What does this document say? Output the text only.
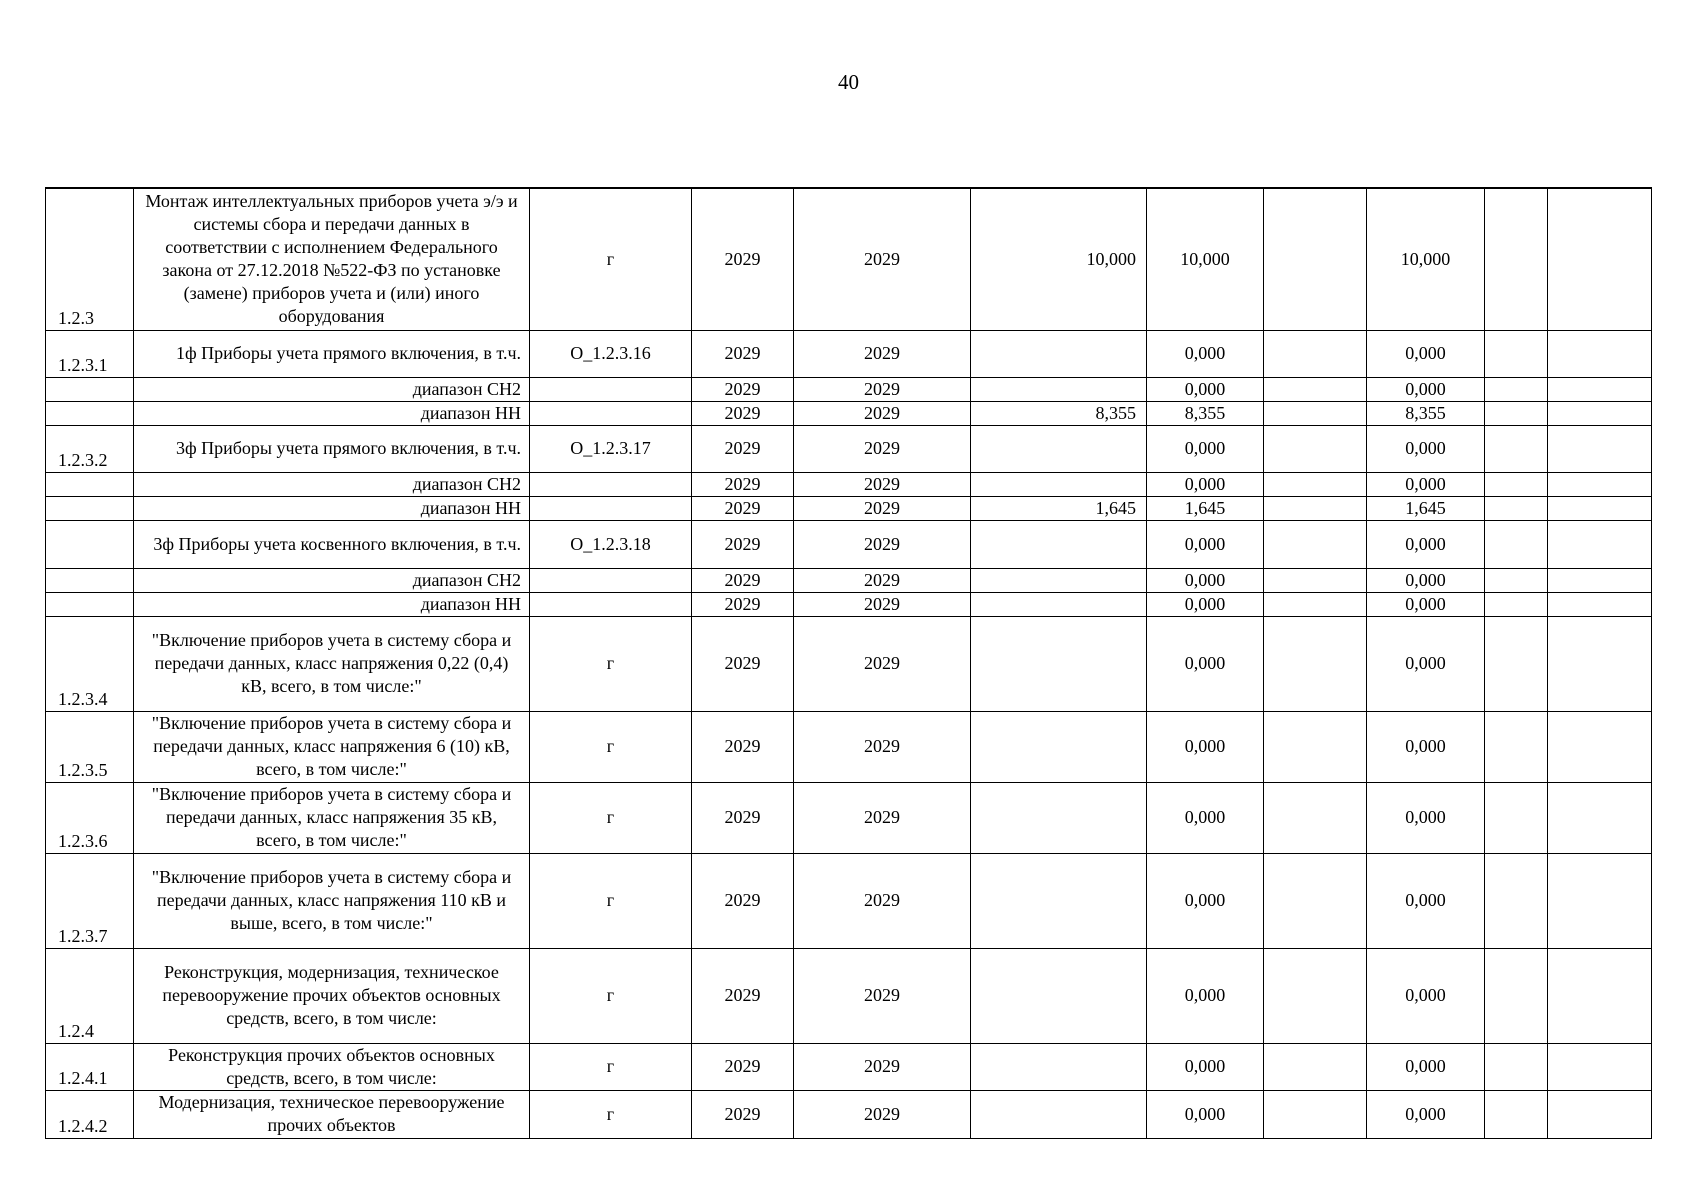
40
1.2.3	Монтаж интеллектуальных приборов учета э/э и системы сбора и передачи данных в соответствии с исполнением Федерального закона от 27.12.2018 №522-ФЗ по установке (замене) приборов учета и (или) иного оборудования	г	2029	2029	10,000	10,000		10,000		
1.2.3.1	1ф Приборы учета прямого включения, в т.ч.	O_1.2.3.16	2029	2029		0,000		0,000		
	диапазон СН2		2029	2029		0,000		0,000		
	диапазон НН		2029	2029	8,355	8,355		8,355		
1.2.3.2	3ф Приборы учета прямого включения, в т.ч.	O_1.2.3.17	2029	2029		0,000		0,000		
	диапазон СН2		2029	2029		0,000		0,000		
	диапазон НН		2029	2029	1,645	1,645		1,645		
	3ф Приборы учета косвенного включения, в т.ч.	O_1.2.3.18	2029	2029		0,000		0,000		
	диапазон СН2		2029	2029		0,000		0,000		
	диапазон НН		2029	2029		0,000		0,000		
1.2.3.4	"Включение приборов учета в систему сбора и передачи данных, класс напряжения 0,22 (0,4) кВ, всего, в том числе:"	г	2029	2029		0,000		0,000		
1.2.3.5	"Включение приборов учета в систему сбора и передачи данных, класс напряжения 6 (10) кВ, всего, в том числе:"	г	2029	2029		0,000		0,000		
1.2.3.6	"Включение приборов учета в систему сбора и передачи данных, класс напряжения 35 кВ, всего, в том числе:"	г	2029	2029		0,000		0,000		
1.2.3.7	"Включение приборов учета в систему сбора и передачи данных, класс напряжения 110 кВ и выше, всего, в том числе:"	г	2029	2029		0,000		0,000		
1.2.4	Реконструкция, модернизация, техническое перевооружение прочих объектов основных средств, всего, в том числе:	г	2029	2029		0,000		0,000		
1.2.4.1	Реконструкция прочих объектов основных средств, всего, в том числе:	г	2029	2029		0,000		0,000		
1.2.4.2	Модернизация, техническое перевооружение прочих объектов	г	2029	2029		0,000		0,000		
